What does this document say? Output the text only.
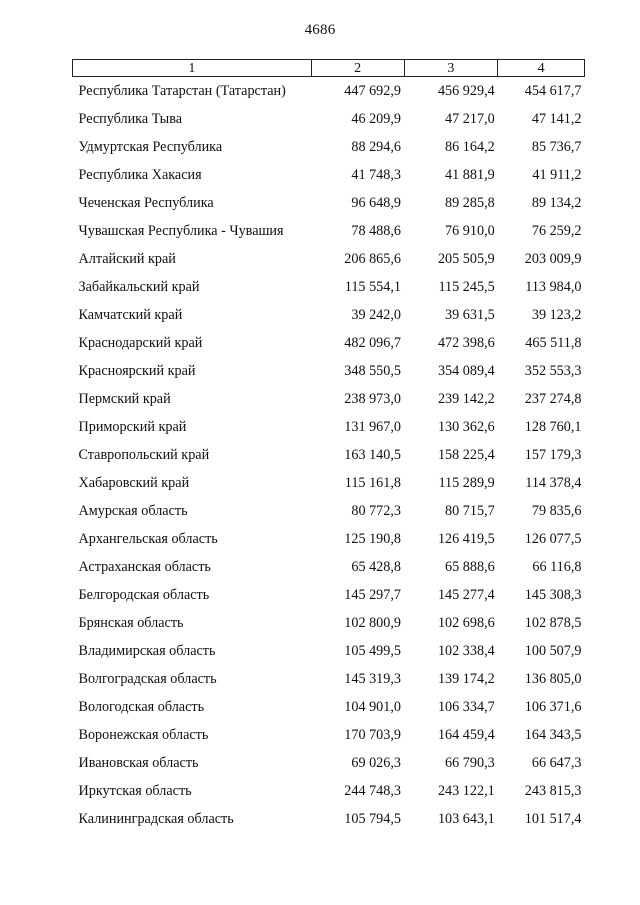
4686
1	2	3	4
Республика Татарстан (Татарстан)	447 692,9	456 929,4	454 617,7
Республика Тыва	46 209,9	47 217,0	47 141,2
Удмуртская Республика	88 294,6	86 164,2	85 736,7
Республика Хакасия	41 748,3	41 881,9	41 911,2
Чеченская Республика	96 648,9	89 285,8	89 134,2
Чувашская Республика - Чувашия	78 488,6	76 910,0	76 259,2
Алтайский край	206 865,6	205 505,9	203 009,9
Забайкальский край	115 554,1	115 245,5	113 984,0
Камчатский край	39 242,0	39 631,5	39 123,2
Краснодарский край	482 096,7	472 398,6	465 511,8
Красноярский край	348 550,5	354 089,4	352 553,3
Пермский край	238 973,0	239 142,2	237 274,8
Приморский край	131 967,0	130 362,6	128 760,1
Ставропольский край	163 140,5	158 225,4	157 179,3
Хабаровский край	115 161,8	115 289,9	114 378,4
Амурская область	80 772,3	80 715,7	79 835,6
Архангельская область	125 190,8	126 419,5	126 077,5
Астраханская область	65 428,8	65 888,6	66 116,8
Белгородская область	145 297,7	145 277,4	145 308,3
Брянская область	102 800,9	102 698,6	102 878,5
Владимирская область	105 499,5	102 338,4	100 507,9
Волгоградская область	145 319,3	139 174,2	136 805,0
Вологодская область	104 901,0	106 334,7	106 371,6
Воронежская область	170 703,9	164 459,4	164 343,5
Ивановская область	69 026,3	66 790,3	66 647,3
Иркутская область	244 748,3	243 122,1	243 815,3
Калининградская область	105 794,5	103 643,1	101 517,4
